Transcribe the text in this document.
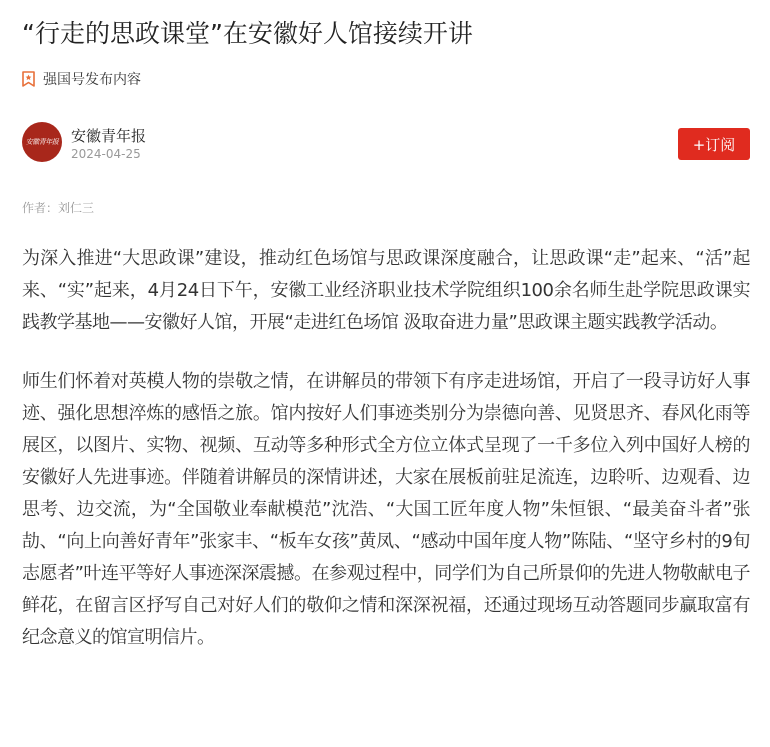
“行走的思政课堂”在安徽好人馆接续开讲
强国号发布内容
安徽青年报 安徽青年报
2024-04-25
+订阅
作者：刘仁三

为深入推进“大思政课”建设，推动红色场馆与思政课深度融合，让思政课“走”起来、“活”起来、“实”起来，4月24日下午，安徽工业经济职业技术学院组织100余名师生赴学院思政课实践教学基地——安徽好人馆，开展“走进红色场馆 汲取奋进力量”思政课主题实践教学活动。

师生们怀着对英模人物的崇敬之情，在讲解员的带领下有序走进场馆，开启了一段寻访好人事迹、强化思想淬炼的感悟之旅。馆内按好人们事迹类别分为崇德向善、见贤思齐、春风化雨等展区，以图片、实物、视频、互动等多种形式全方位立体式呈现了一千多位入列中国好人榜的安徽好人先进事迹。伴随着讲解员的深情讲述，大家在展板前驻足流连，边聆听、边观看、边思考、边交流，为“全国敬业奉献模范”沈浩、“大国工匠年度人物”朱恒银、“最美奋斗者”张劼、“向上向善好青年”张家丰、“板车女孩”黄凤、“感动中国年度人物”陈陆、“坚守乡村的9旬志愿者”叶连平等好人事迹深深震撼。在参观过程中，同学们为自己所景仰的先进人物敬献电子鲜花，在留言区抒写自己对好人们的敬仰之情和深深祝福，还通过现场互动答题同步赢取富有纪念意义的馆宣明信片。
